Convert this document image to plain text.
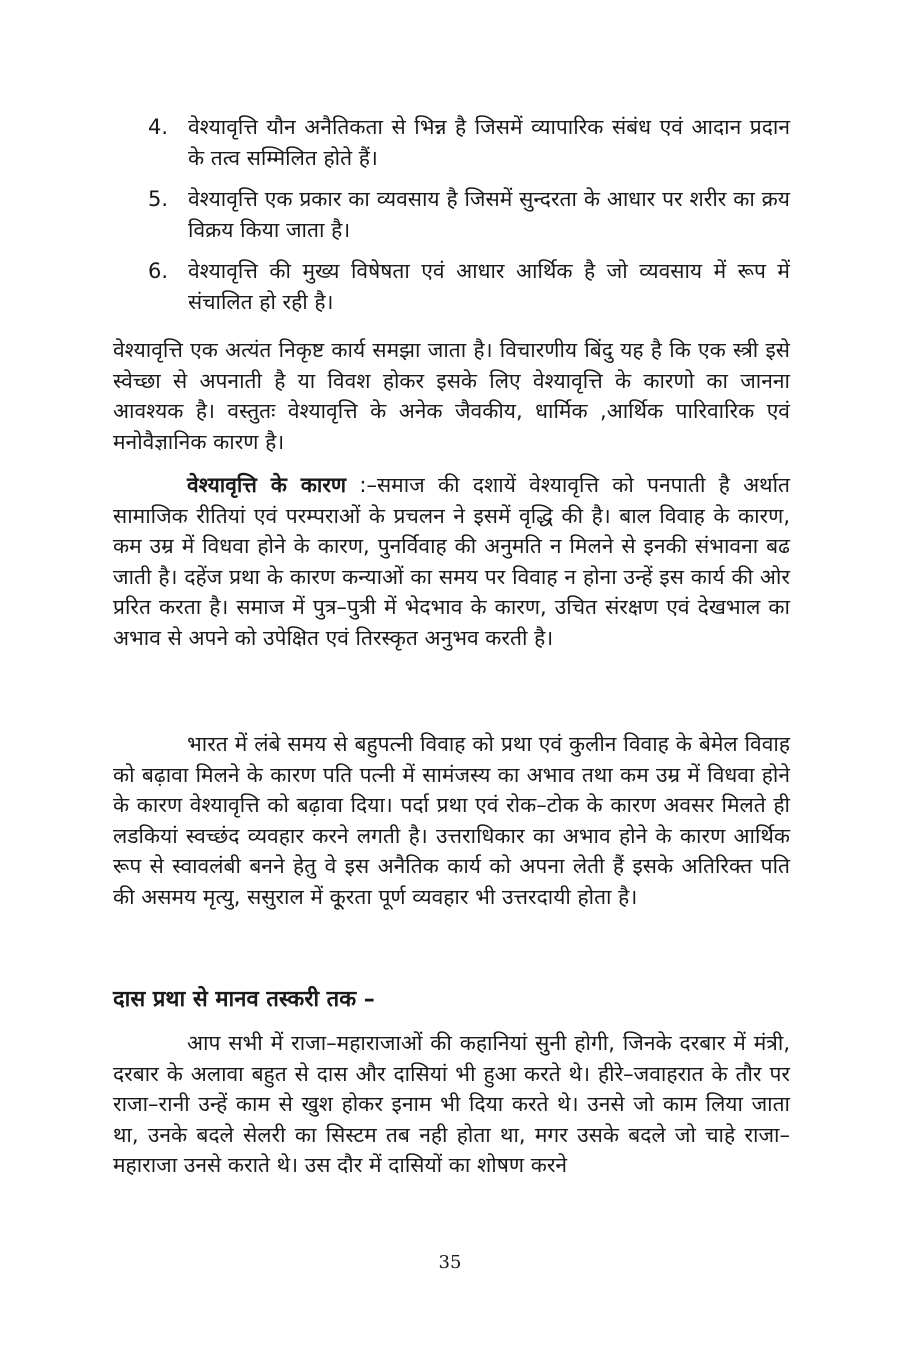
4. वेश्यावृत्ति यौन अनैतिकता से भिन्न है जिसमें व्यापारिक संबंध एवं आदान प्रदान के तत्व सम्मिलित होते हैं।
5. वेश्यावृत्ति एक प्रकार का व्यवसाय है जिसमें सुन्दरता के आधार पर शरीर का क्रय विक्रय किया जाता है।
6. वेश्यावृत्ति की मुख्य विषेषता एवं आधार आर्थिक है जो व्यवसाय में रूप में संचालित हो रही है।

वेश्यावृत्ति एक अत्यंत निकृष्ट कार्य समझा जाता है। विचारणीय बिंदु यह है कि एक स्त्री इसे स्वेच्छा से अपनाती है या विवश होकर इसके लिए वेश्यावृत्ति के कारणो का जानना आवश्यक है। वस्तुतः वेश्यावृत्ति के अनेक जैवकीय, धार्मिक ,आर्थिक पारिवारिक एवं मनोवैज्ञानिक कारण है।

वेश्यावृत्ति के कारण :–समाज की दशायें वेश्यावृत्ति को पनपाती है अर्थात सामाजिक रीतियां एवं परम्पराओं के प्रचलन ने इसमें वृद्धि की है। बाल विवाह के कारण, कम उम्र में विधवा होने के कारण, पुनर्विवाह की अनुमति न मिलने से इनकी संभावना बढ जाती है। दहेंज प्रथा के कारण कन्याओं का समय पर विवाह न होना उन्हें इस कार्य की ओर प्ररित करता है। समाज में पुत्र–पुत्री में भेदभाव के कारण, उचित संरक्षण एवं देखभाल का अभाव से अपने को उपेक्षित एवं तिरस्कृत अनुभव करती है।

भारत में लंबे समय से बहुपत्नी विवाह को प्रथा एवं कुलीन विवाह के बेमेल विवाह को बढ़ावा मिलने के कारण पति पत्नी में सामंजस्य का अभाव तथा कम उम्र में विधवा होने के कारण वेश्यावृत्ति को बढ़ावा दिया। पर्दा प्रथा एवं रोक–टोक के कारण अवसर मिलते ही लडकियां स्वच्छंद व्यवहार करने लगती है। उत्तराधिकार का अभाव होने के कारण आर्थिक रूप से स्वावलंबी बनने हेतु वे इस अनैतिक कार्य को अपना लेती हैं इसके अतिरिक्त पति की असमय मृत्यु, ससुराल में कू्रता पूर्ण व्यवहार भी उत्तरदायी होता है।

दास प्रथा से मानव तस्करी तक –

आप सभी में राजा–महाराजाओं की कहानियां सुनी होगी, जिनके दरबार में मंत्री, दरबार के अलावा बहुत से दास और दासियां भी हुआ करते थे। हीरे–जवाहरात के तौर पर राजा–रानी उन्हें काम से खुश होकर इनाम भी दिया करते थे। उनसे जो काम लिया जाता था, उनके बदले सेलरी का सिस्टम तब नही होता था, मगर उसके बदले जो चाहे राजा–महाराजा उनसे कराते थे। उस दौर में दासियों का शोषण करने

35
